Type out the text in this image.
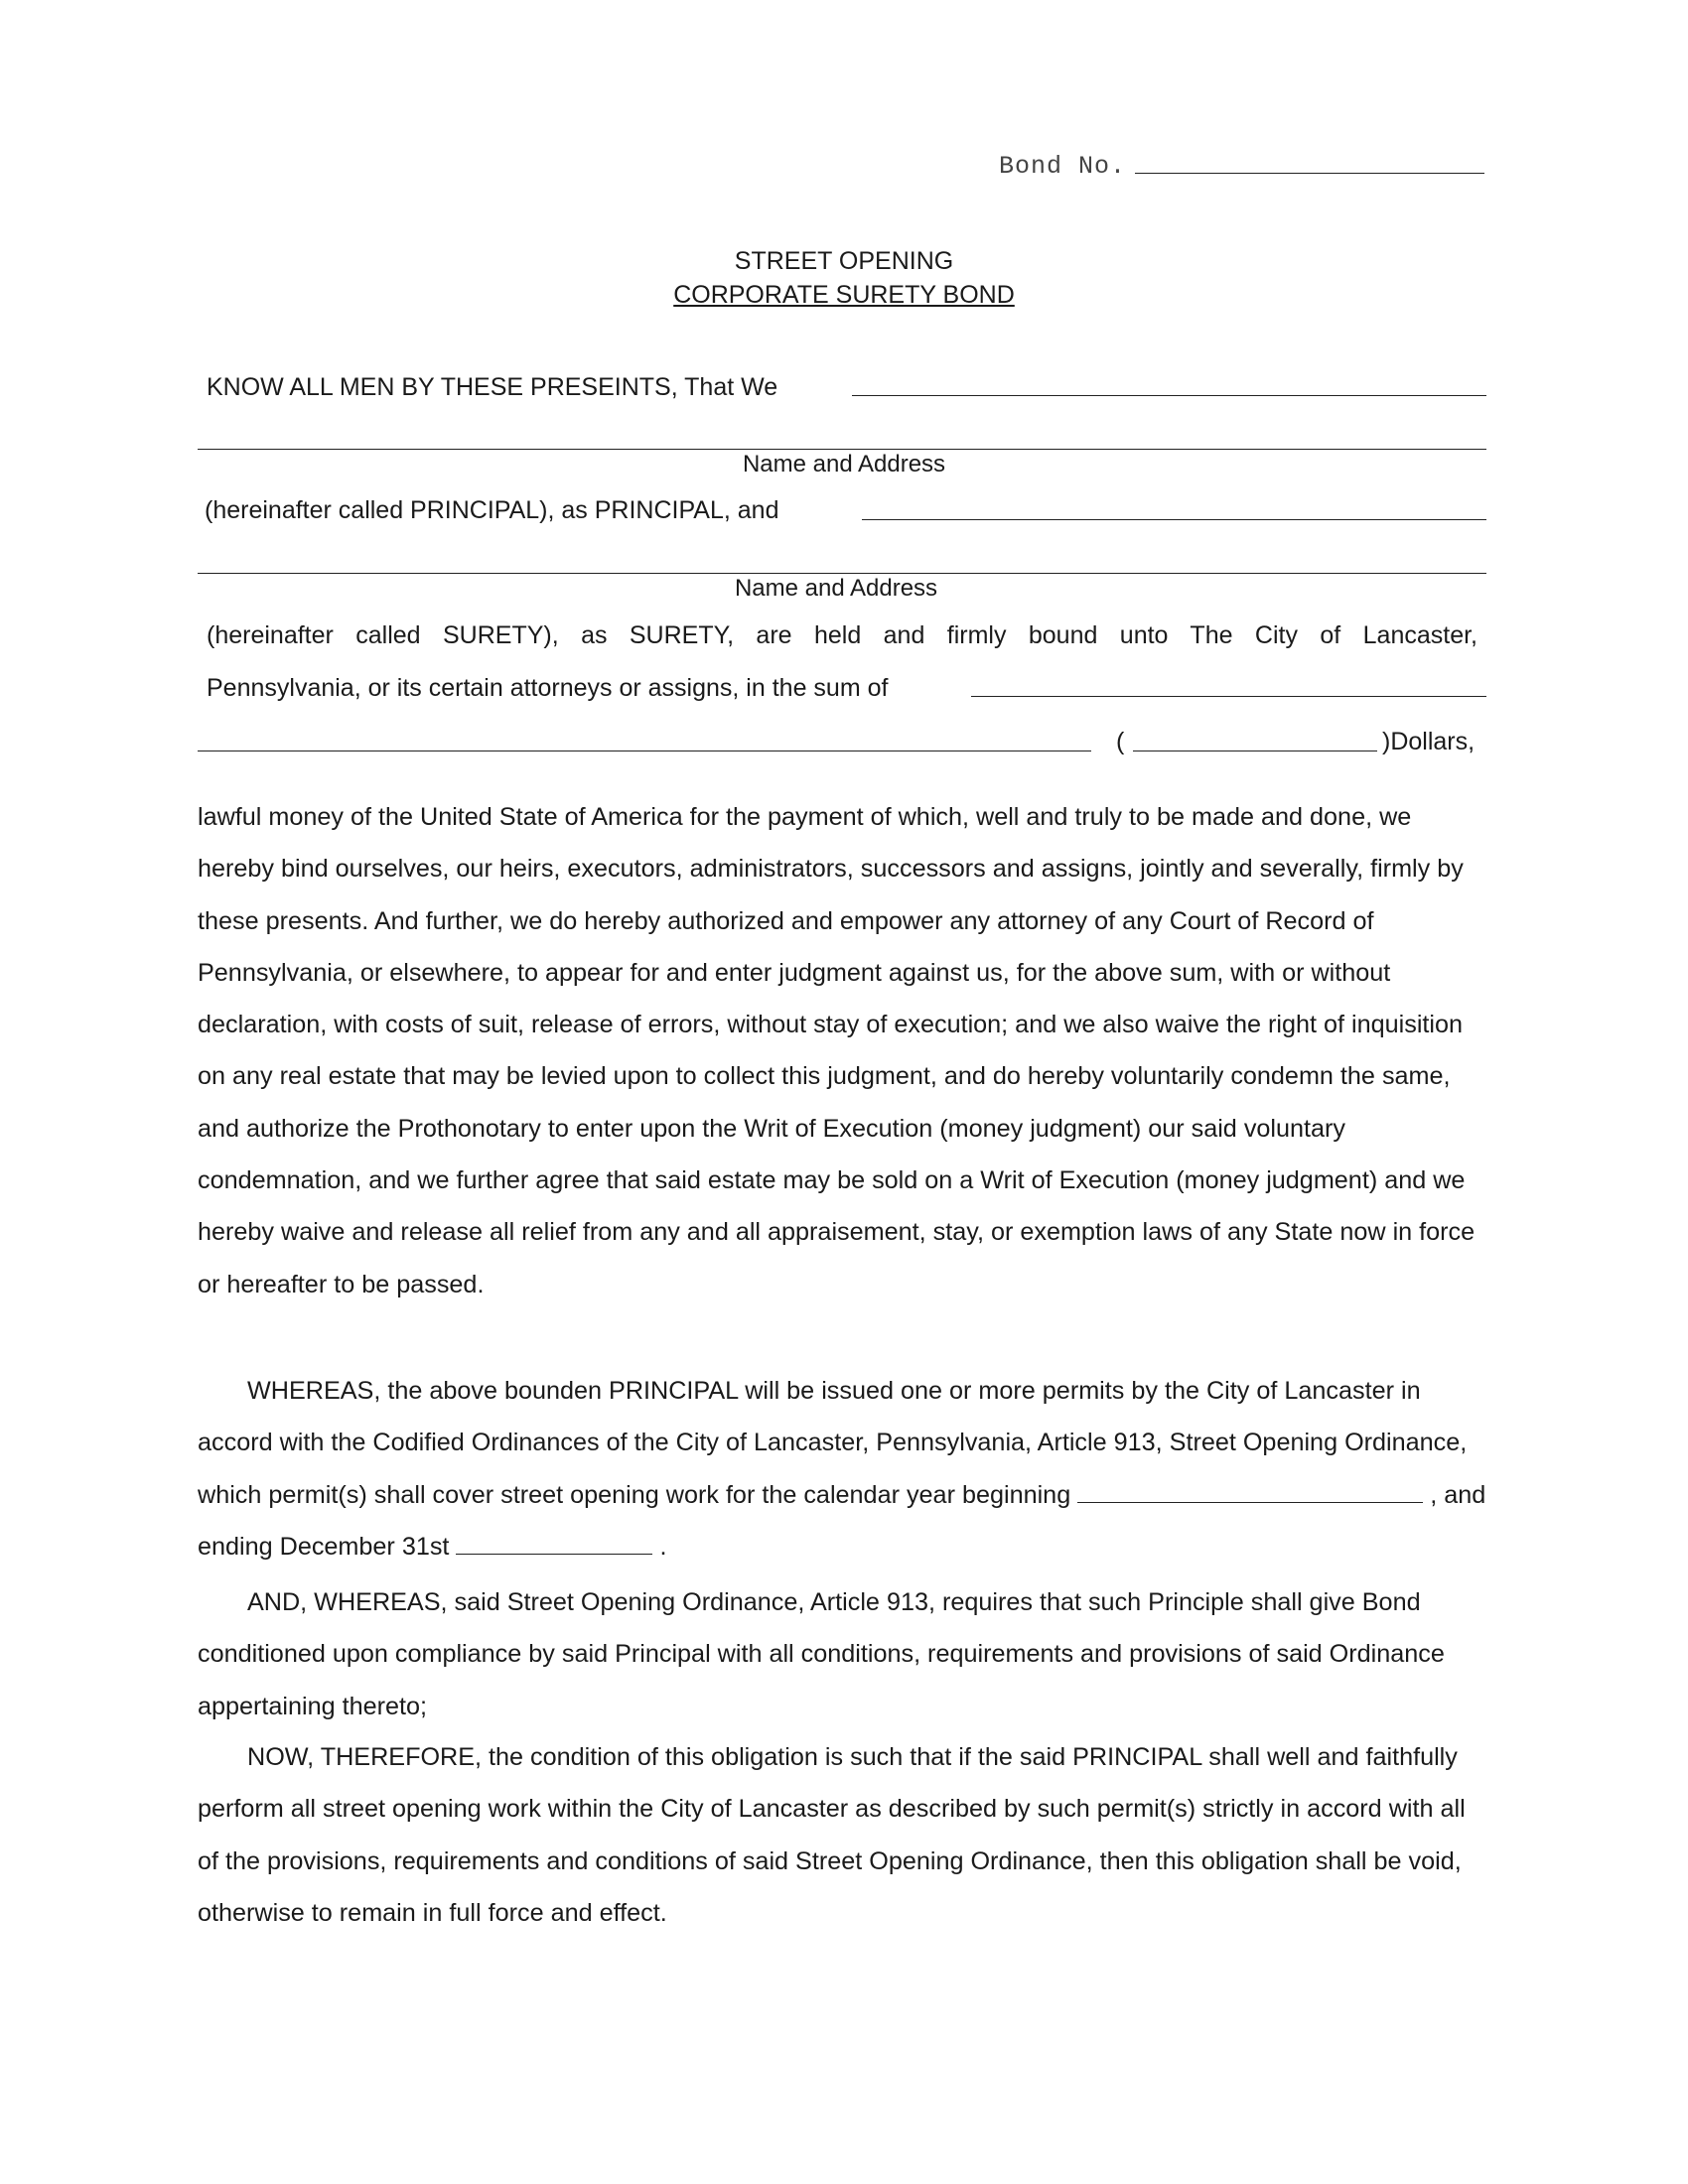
Bond No.
STREET OPENING
CORPORATE SURETY BOND
KNOW ALL MEN BY THESE PRESEINTS, That We
Name and Address
(hereinafter called PRINCIPAL), as PRINCIPAL, and
Name and Address
(hereinafter called SURETY), as SURETY, are held and firmly bound unto The City of Lancaster,
Pennsylvania, or its certain attorneys or assigns, in the sum of
(	)Dollars,

lawful money of the United State of America for the payment of which, well and truly to be made and done, we hereby bind ourselves, our heirs, executors, administrators, successors and assigns, jointly and severally, firmly by these presents. And further, we do hereby authorized and empower any attorney of any Court of Record of Pennsylvania, or elsewhere, to appear for and enter judgment against us, for the above sum, with or without declaration, with costs of suit, release of errors, without stay of execution; and we also waive the right of inquisition on any real estate that may be levied upon to collect this judgment, and do hereby voluntarily condemn the same, and authorize the Prothonotary to enter upon the Writ of Execution (money judgment) our said voluntary condemnation, and we further agree that said estate may be sold on a Writ of Execution (money judgment) and we hereby waive and release all relief from any and all appraisement, stay, or exemption laws of any State now in force or hereafter to be passed.

WHEREAS, the above bounden PRINCIPAL will be issued one or more permits by the City of Lancaster in accord with the Codified Ordinances of the City of Lancaster, Pennsylvania, Article 913, Street Opening Ordinance, which permit(s) shall cover street opening work for the calendar year beginning	, and ending December 31st	.

AND, WHEREAS, said Street Opening Ordinance, Article 913, requires that such Principle shall give Bond conditioned upon compliance by said Principal with all conditions, requirements and provisions of said Ordinance appertaining thereto;

NOW, THEREFORE, the condition of this obligation is such that if the said PRINCIPAL shall well and faithfully perform all street opening work within the City of Lancaster as described by such permit(s) strictly in accord with all of the provisions, requirements and conditions of said Street Opening Ordinance, then this obligation shall be void, otherwise to remain in full force and effect.
